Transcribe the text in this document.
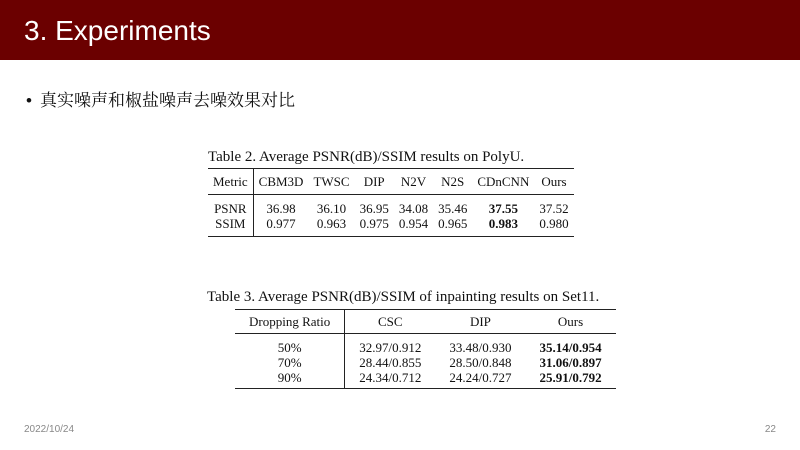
3. Experiments
• 真实噪声和椒盐噪声去噪效果对比
Table 2. Average PSNR(dB)/SSIM results on PolyU.
Metric	CBM3D	TWSC	DIP	N2V	N2S	CDnCNN	Ours
PSNR	36.98	36.10	36.95	34.08	35.46	37.55	37.52
SSIM	0.977	0.963	0.975	0.954	0.965	0.983	0.980
Table 3. Average PSNR(dB)/SSIM of inpainting results on Set11.
Dropping Ratio	CSC	DIP	Ours
50%	32.97/0.912	33.48/0.930	35.14/0.954
70%	28.44/0.855	28.50/0.848	31.06/0.897
90%	24.34/0.712	24.24/0.727	25.91/0.792
2022/10/24	22
